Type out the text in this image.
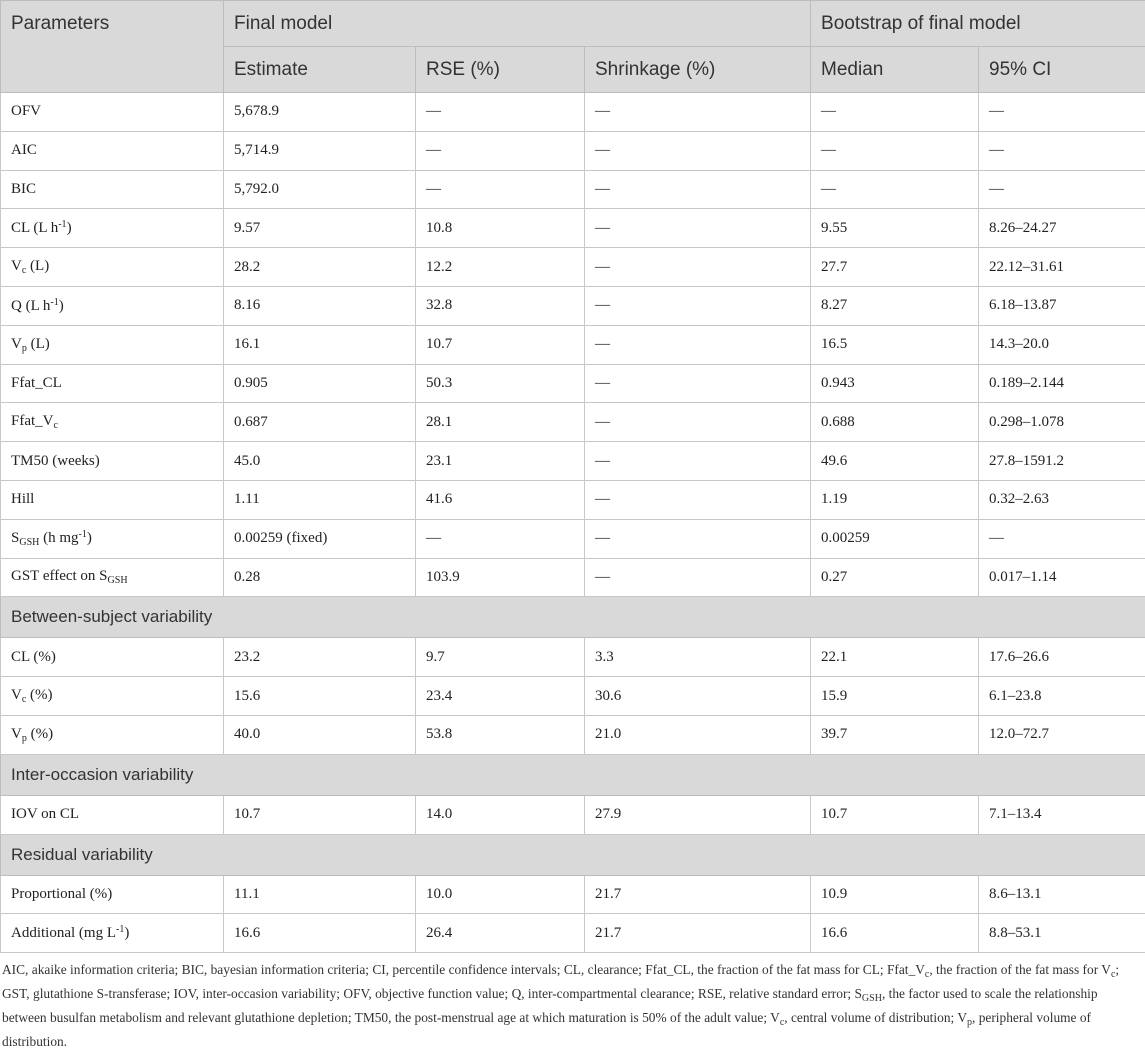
Parameters	Final model			Bootstrap of final model	
	Estimate	RSE (%)	Shrinkage (%)	Median	95% CI
OFV	5,678.9	—	—	—	—
AIC	5,714.9	—	—	—	—
BIC	5,792.0	—	—	—	—
CL (L $h^{-1}$)	9.57	10.8	—	9.55	8.26–24.27
$V_c$ (L)	28.2	12.2	—	27.7	22.12–31.61
Q (L $h^{-1}$)	8.16	32.8	—	8.27	6.18–13.87
$V_p$ (L)	16.1	10.7	—	16.5	14.3–20.0
Ffat_CL	0.905	50.3	—	0.943	0.189–2.144
$Ffat\_V_c$	0.687	28.1	—	0.688	0.298–1.078
TM50 (weeks)	45.0	23.1	—	49.6	27.8–1591.2
Hill	1.11	41.6	—	1.19	0.32–2.63
$S_{GSH}$ (h $mg^{-1}$)	0.00259 (fixed)	—	—	0.00259	—
GST effect on $S_{GSH}$	0.28	103.9	—	0.27	0.017–1.14
Between-subject variability					
CL (%)	23.2	9.7	3.3	22.1	17.6–26.6
$V_c$ (%)	15.6	23.4	30.6	15.9	6.1–23.8
$V_p$ (%)	40.0	53.8	21.0	39.7	12.0–72.7
Inter-occasion variability					
IOV on CL	10.7	14.0	27.9	10.7	7.1–13.4
Residual variability					
Proportional (%)	11.1	10.0	21.7	10.9	8.6–13.1
Additional (mg $L^{-1}$)	16.6	26.4	21.7	16.6	8.8–53.1
AIC, akaike information criteria; BIC, bayesian information criteria; CI, percentile confidence intervals; CL, clearance; Ffat_CL, the fraction of the fat mass for CL; $Ffat\_V_c$, the fraction of the fat mass for $V_c$; GST, glutathione S-transferase; IOV, inter-occasion variability; OFV, objective function value; Q, inter-compartmental clearance; RSE, relative standard error; $S_{GSH}$, the factor used to scale the relationship between busulfan metabolism and relevant glutathione depletion; TM50, the post-menstrual age at which maturation is 50% of the adult value; $V_c$, central volume of distribution; $V_p$, peripheral volume of distribution.
